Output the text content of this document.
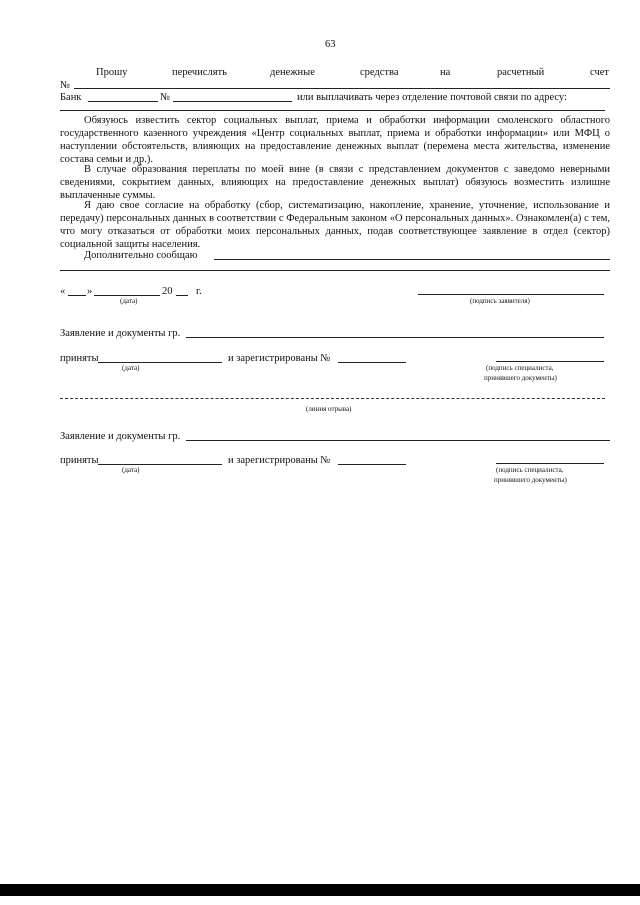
63
Прошу	перечислять	денежные	средства	на	расчетный	счет
№
Банк	№	или выплачивать через отделение почтовой связи по адресу:
Обязуюсь известить сектор социальных выплат, приема и обработки информации смоленского областного государственного казенного учреждения «Центр социальных выплат, приема и обработки информации» или МФЦ о наступлении обстоятельств, влияющих на предоставление денежных выплат (перемена места жительства, изменение состава семьи и др.).
В случае образования переплаты по моей вине (в связи с представлением документов с заведомо неверными сведениями, сокрытием данных, влияющих на предоставление денежных выплат) обязуюсь возместить излишне выплаченные суммы.
Я даю свое согласие на обработку (сбор, систематизацию, накопление, хранение, уточнение, использование и передачу) персональных данных в соответствии с Федеральным законом «О персональных данных». Ознакомлен(а) с тем, что могу отказаться от обработки моих персональных данных, подав соответствующее заявление в отдел (сектор) социальной защиты населения.
Дополнительно сообщаю
« »	20 г.
(дата)	(подпись заявителя)
Заявление и документы гр.
приняты
(дата)
и зарегистрированы №
(подпись специалиста,
принявшего документы)
(линия отрыва)
Заявление и документы гр.
приняты
(дата)
и зарегистрированы №
(подпись специалиста,
принявшего документы)
